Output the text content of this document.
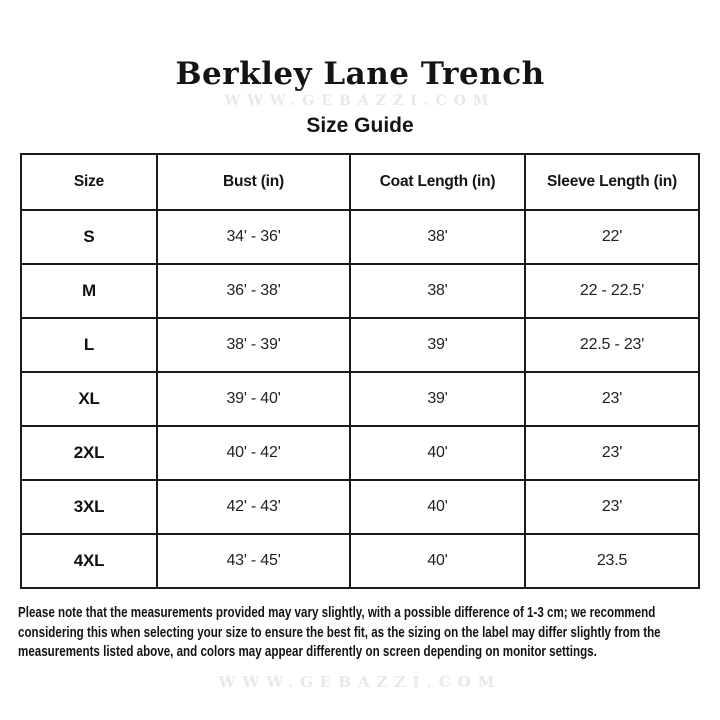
Berkley Lane Trench
WWW.GEBAZZI.COM
Size Guide
Size	Bust (in)	Coat Length (in)	Sleeve Length (in)
S	34' - 36'	38'	22'
M	36' - 38'	38'	22 - 22.5'
L	38' - 39'	39'	22.5 - 23'
XL	39' - 40'	39'	23'
2XL	40' - 42'	40'	23'
3XL	42' - 43'	40'	23'
4XL	43' - 45'	40'	23.5
Please note that the measurements provided may vary slightly, with a possible difference of 1-3 cm; we recommend
considering this when selecting your size to ensure the best fit, as the sizing on the label may differ slightly from the
measurements listed above, and colors may appear differently on screen depending on monitor settings.
WWW.GEBAZZI.COM
